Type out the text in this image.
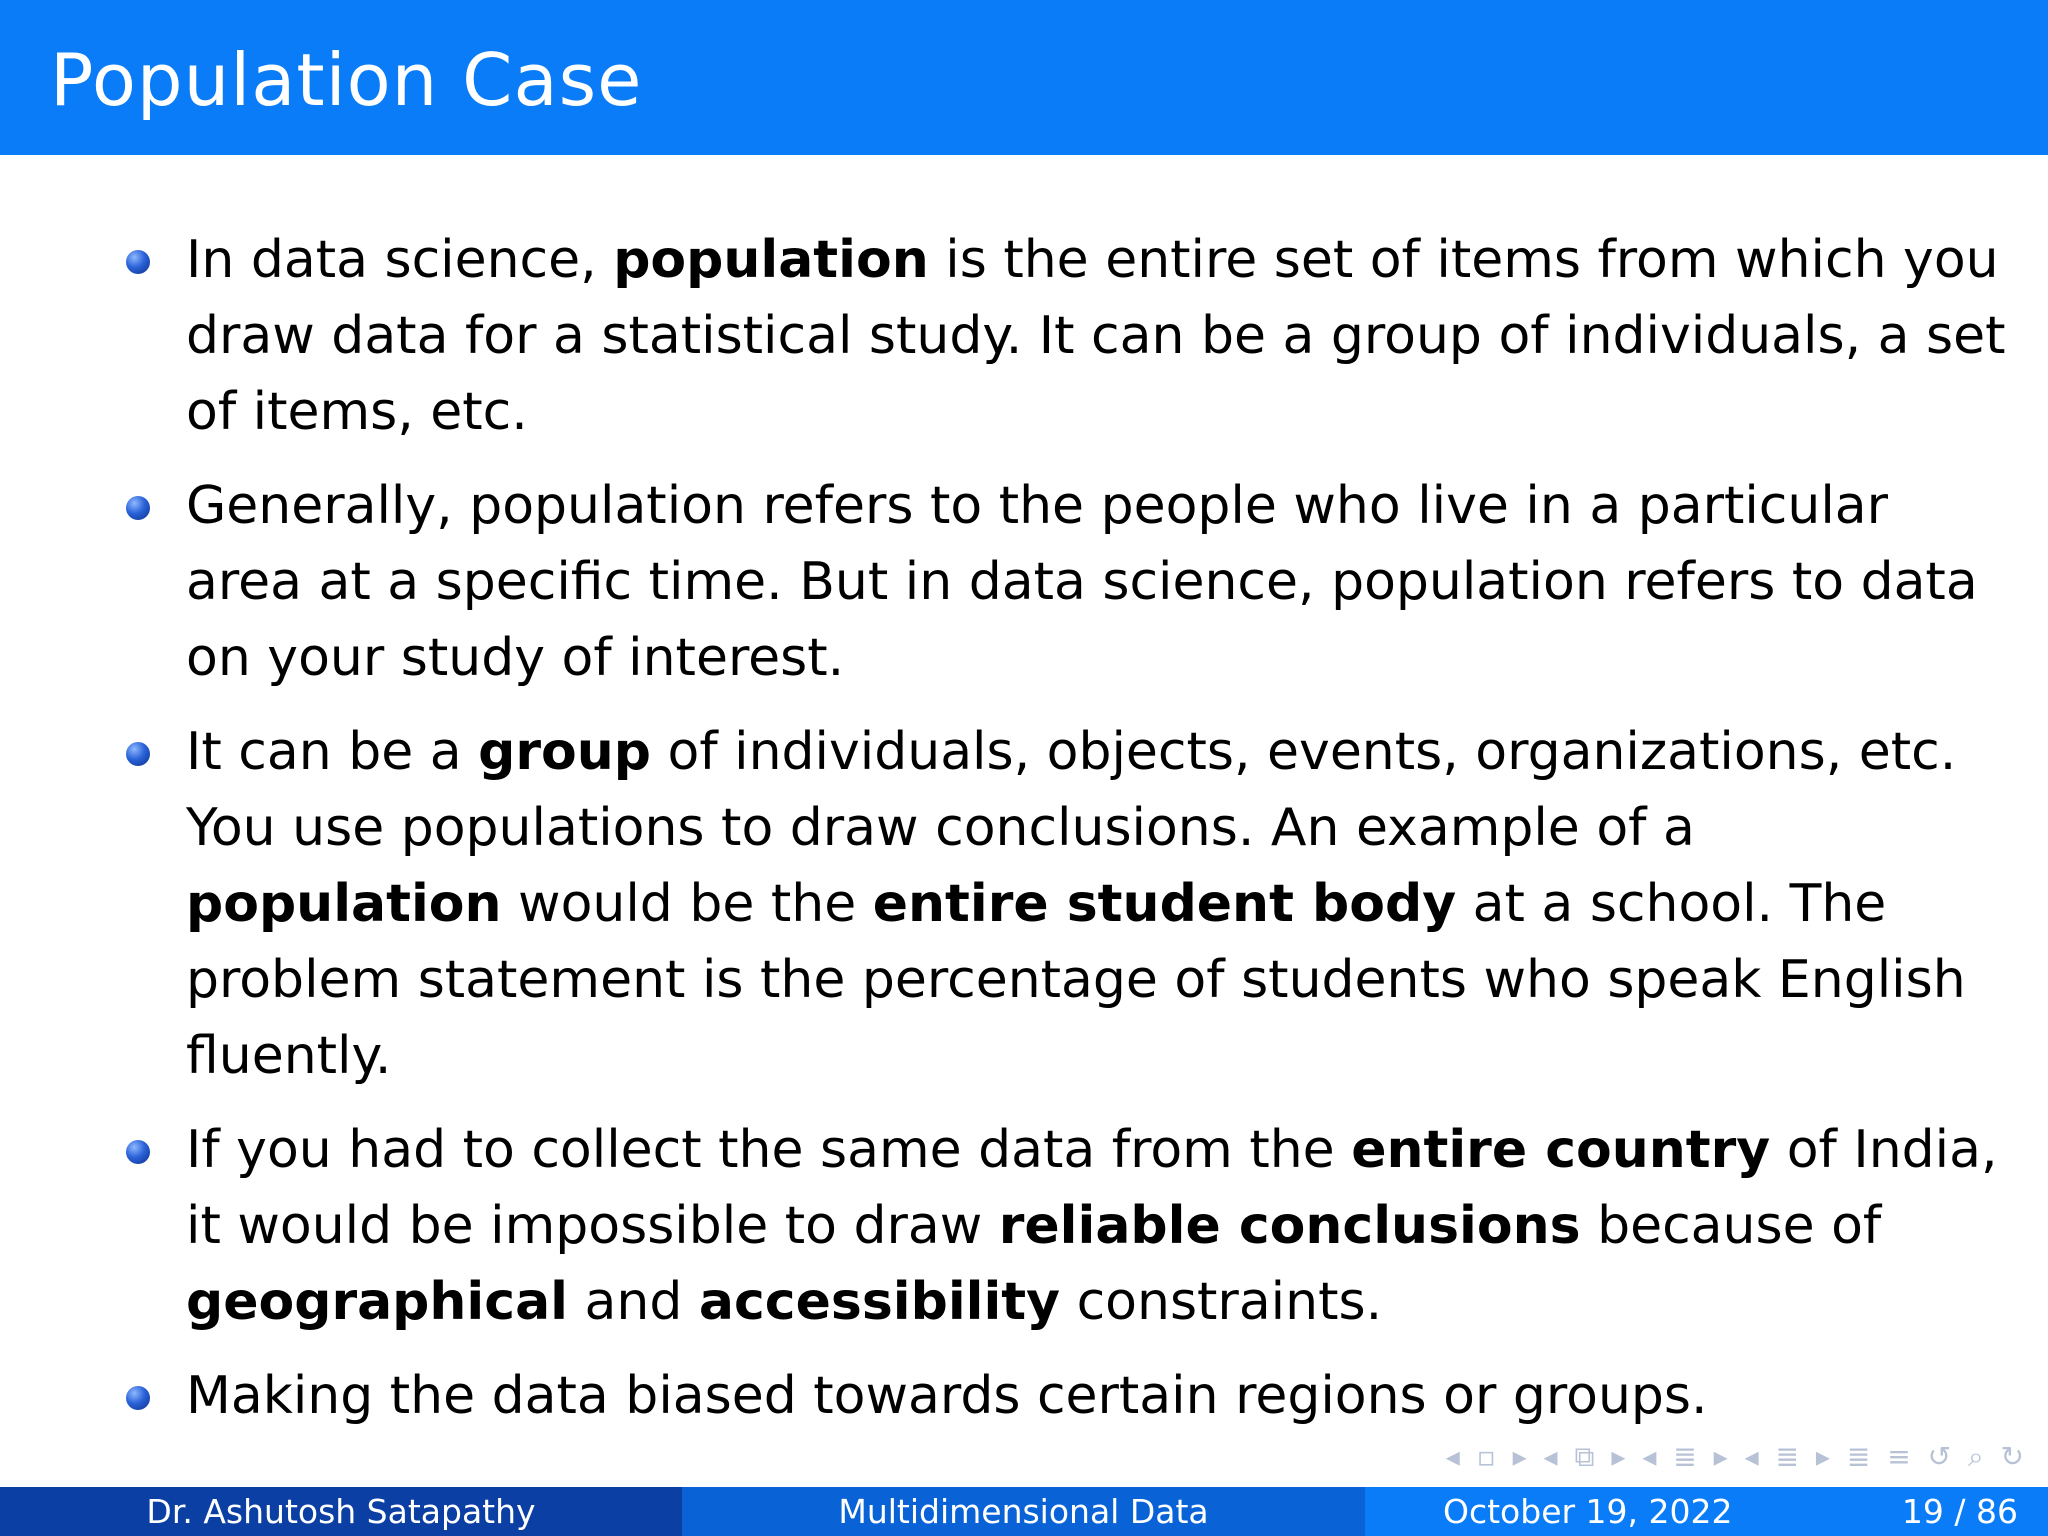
Population Case
In data science, population is the entire set of items from which you draw data for a statistical study. It can be a group of individuals, a set of items, etc.
Generally, population refers to the people who live in a particular area at a specific time. But in data science, population refers to data on your study of interest.
It can be a group of individuals, objects, events, organizations, etc. You use populations to draw conclusions. An example of a population would be the entire student body at a school. The problem statement is the percentage of students who speak English fluently.
If you had to collect the same data from the entire country of India, it would be impossible to draw reliable conclusions because of geographical and accessibility constraints.
Making the data biased towards certain regions or groups.
◂ ▫ ▸ ◂ ⧉ ▸ ◂ ≣ ▸ ◂ ≣ ▸ ≣ ≡ ↺ ⌕ ↻
Dr. Ashutosh Satapathy	Multidimensional Data	October 19, 2022	19 / 86
